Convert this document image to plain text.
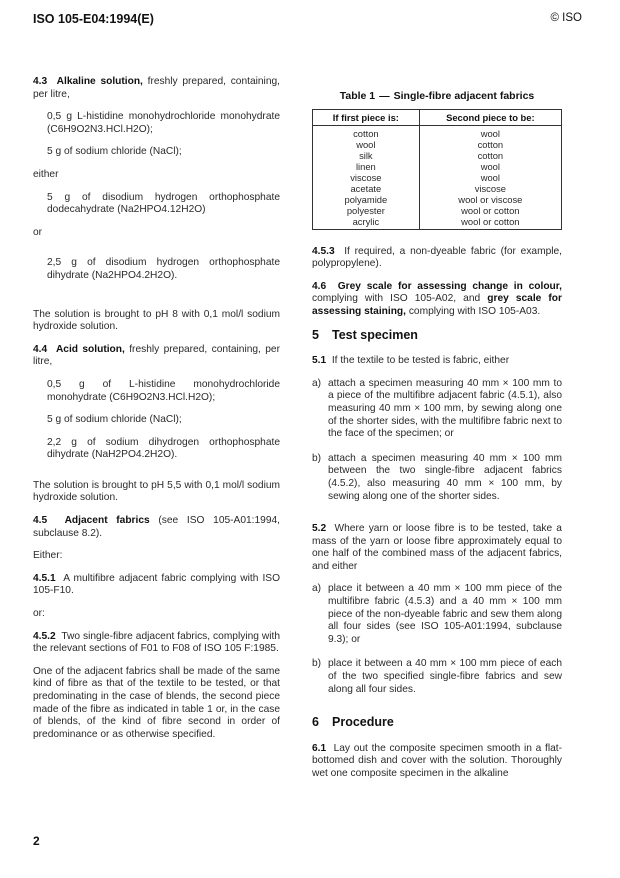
ISO 105-E04:1994(E)	© ISO

4.3 Alkaline solution, freshly prepared, containing, per litre,

0,5 g L-histidine monohydrochloride monohydrate (C6H9O2N3.HCl.H2O);

5 g of sodium chloride (NaCl);

either

5 g of disodium hydrogen orthophosphate dodecahydrate (Na2HPO4.12H2O)

or

2,5 g of disodium hydrogen orthophosphate dihydrate (Na2HPO4.2H2O).

The solution is brought to pH 8 with 0,1 mol/l sodium hydroxide solution.

4.4 Acid solution, freshly prepared, containing, per litre,

0,5 g of L-histidine monohydrochloride monohydrate (C6H9O2N3.HCl.H2O);

5 g of sodium chloride (NaCl);

2,2 g of sodium dihydrogen orthophosphate dihydrate (NaH2PO4.2H2O).

The solution is brought to pH 5,5 with 0,1 mol/l sodium hydroxide solution.

4.5 Adjacent fabrics (see ISO 105-A01:1994, subclause 8.2).

Either:

4.5.1 A multifibre adjacent fabric complying with ISO 105-F10.

or:

4.5.2 Two single-fibre adjacent fabrics, complying with the relevant sections of F01 to F08 of ISO 105 F:1985.

One of the adjacent fabrics shall be made of the same kind of fibre as that of the textile to be tested, or that predominating in the case of blends, the second piece made of the fibre as indicated in table 1 or, in the case of blends, of the kind of fibre second in order of predominance or as otherwise specified.

Table 1 — Single-fibre adjacent fabrics
If first piece is:	Second piece to be:
cotton	wool
wool	cotton
silk	cotton
linen	wool
viscose	wool
acetate	viscose
polyamide	wool or viscose
polyester	wool or cotton
acrylic	wool or cotton

4.5.3 If required, a non-dyeable fabric (for example, polypropylene).

4.6 Grey scale for assessing change in colour, complying with ISO 105-A02, and grey scale for assessing staining, complying with ISO 105-A03.

5 Test specimen

5.1 If the textile to be tested is fabric, either

a) attach a specimen measuring 40 mm × 100 mm to a piece of the multifibre adjacent fabric (4.5.1), also measuring 40 mm × 100 mm, by sewing along one of the shorter sides, with the multifibre fabric next to the face of the specimen; or
b) attach a specimen measuring 40 mm × 100 mm between the two single-fibre adjacent fabrics (4.5.2), also measuring 40 mm × 100 mm, by sewing along one of the shorter sides.

5.2 Where yarn or loose fibre is to be tested, take a mass of the yarn or loose fibre approximately equal to one half of the combined mass of the adjacent fabrics, and either

a) place it between a 40 mm × 100 mm piece of the multifibre fabric (4.5.3) and a 40 mm × 100 mm piece of the non-dyeable fabric and sew them along all four sides (see ISO 105-A01:1994, subclause 9.3); or
b) place it between a 40 mm × 100 mm piece of each of the two specified single-fibre fabrics and sew along all four sides.
6 Procedure

6.1 Lay out the composite specimen smooth in a flat-bottomed dish and cover with the solution. Thoroughly wet one composite specimen in the alkaline

2
